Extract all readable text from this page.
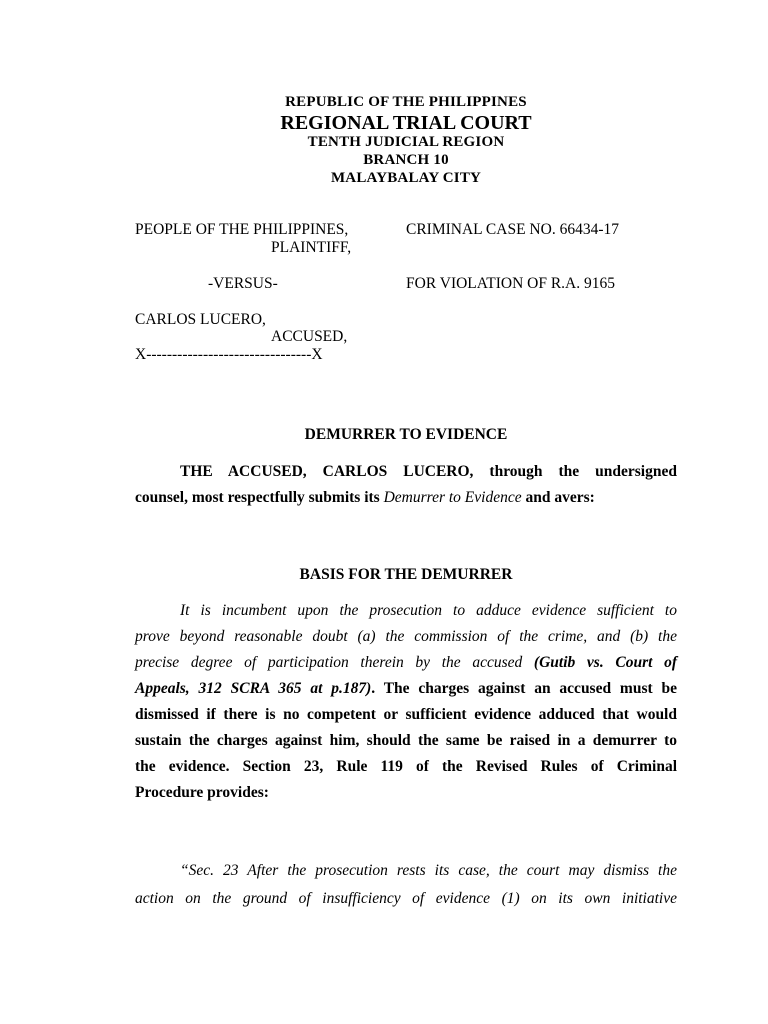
REPUBLIC OF THE PHILIPPINES
REGIONAL TRIAL COURT
TENTH JUDICIAL REGION
BRANCH 10
MALAYBALAY CITY
PEOPLE OF THE PHILIPPINES,
PLAINTIFF,
CRIMINAL CASE NO. 66434-17
-VERSUS-	FOR VIOLATION OF R.A. 9165
CARLOS LUCERO,
ACCUSED,
X--------------------------------X
DEMURRER TO EVIDENCE
THE ACCUSED, CARLOS LUCERO, through the undersigned
counsel, most respectfully submits its Demurrer to Evidence and avers:
BASIS FOR THE DEMURRER
It is incumbent upon the prosecution to adduce evidence sufficient to
prove beyond reasonable doubt (a) the commission of the crime, and (b) the
precise degree of participation therein by the accused (Gutib vs. Court of
Appeals, 312 SCRA 365 at p.187). The charges against an accused must be
dismissed if there is no competent or sufficient evidence adduced that would
sustain the charges against him, should the same be raised in a demurrer to
the evidence. Section 23, Rule 119 of the Revised Rules of Criminal
Procedure provides:
“Sec. 23 After the prosecution rests its case, the court may dismiss the
action on the ground of insufficiency of evidence (1) on its own initiative
